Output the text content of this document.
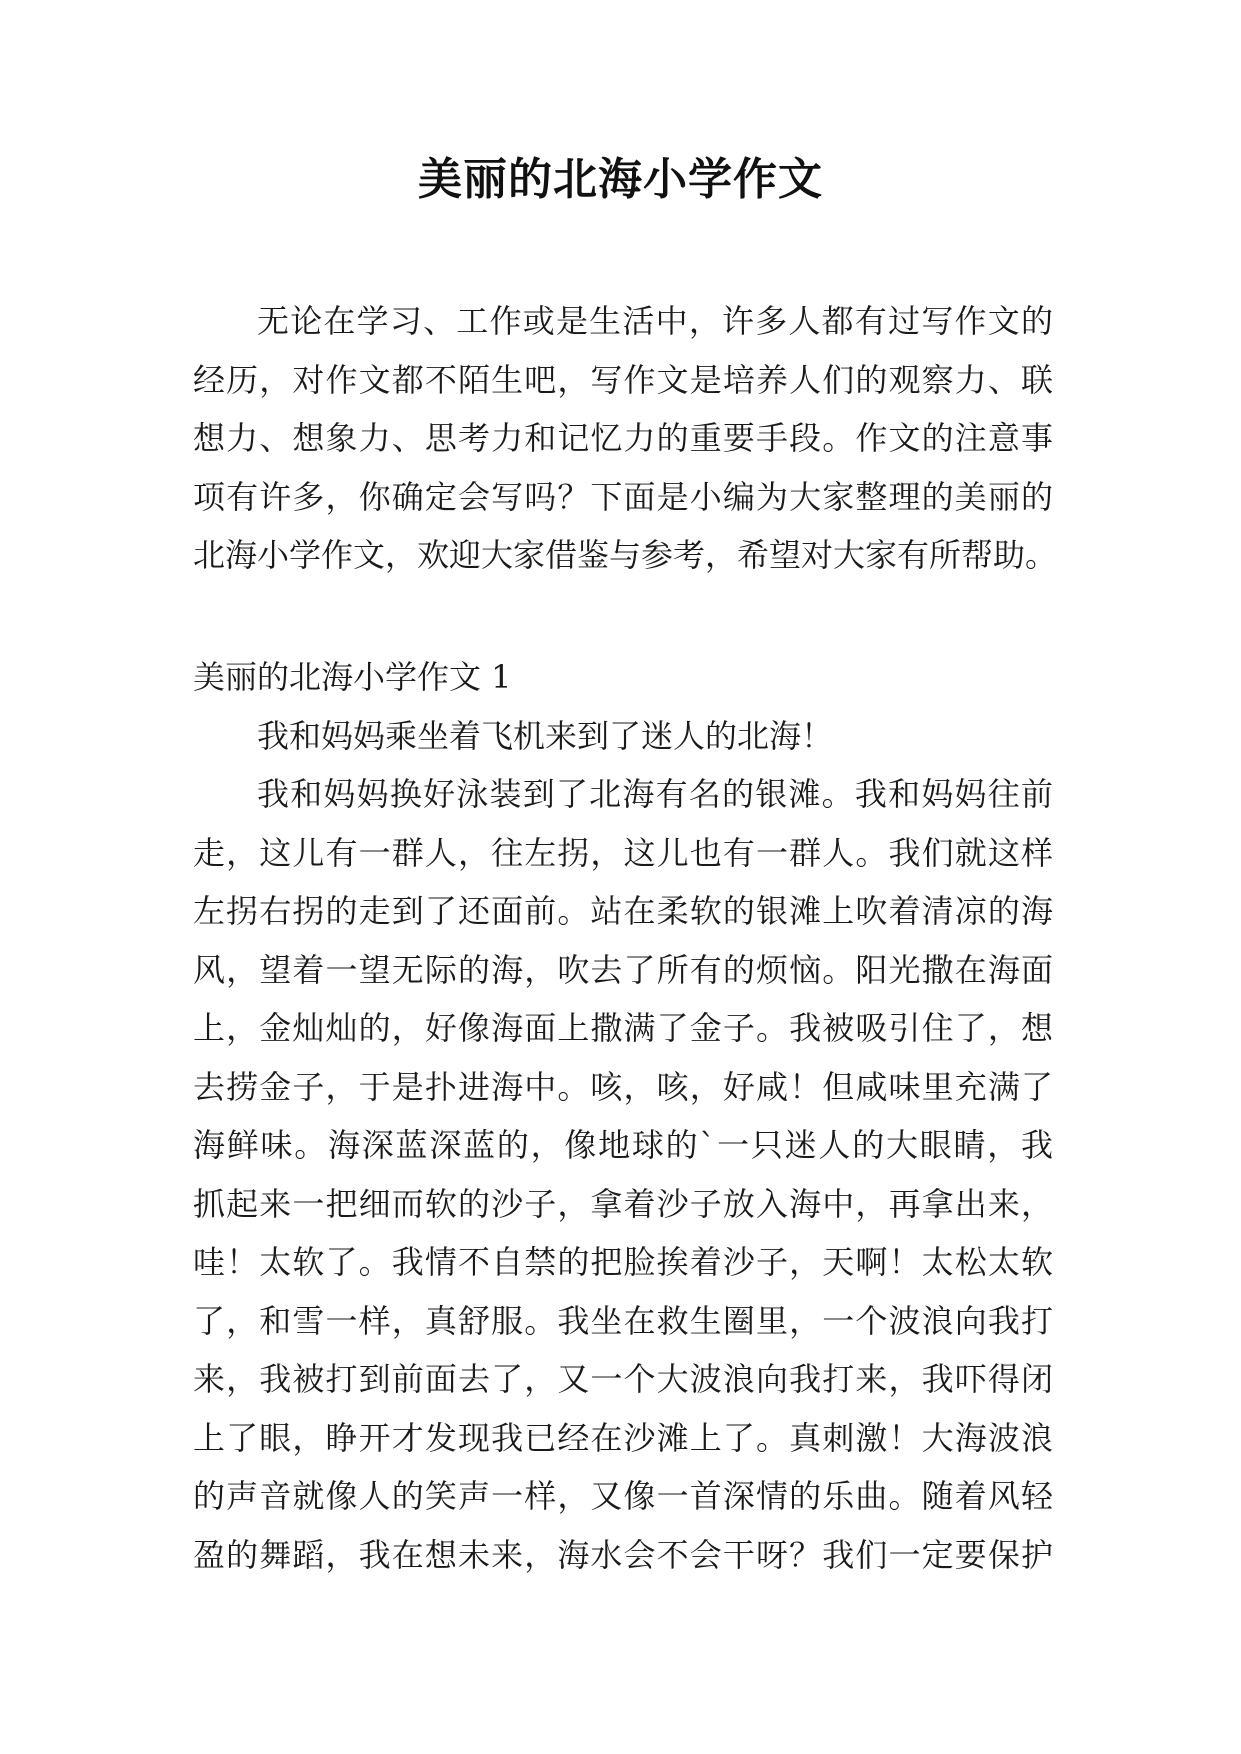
美丽的北海小学作文
无论在学习、工作或是生活中，许多人都有过写作文的
经历，对作文都不陌生吧，写作文是培养人们的观察力、联
想力、想象力、思考力和记忆力的重要手段。作文的注意事
项有许多，你确定会写吗？下面是小编为大家整理的美丽的
北海小学作文，欢迎大家借鉴与参考，希望对大家有所帮助。
美丽的北海小学作文 1
我和妈妈乘坐着飞机来到了迷人的北海！
我和妈妈换好泳装到了北海有名的银滩。我和妈妈往前
走，这儿有一群人，往左拐，这儿也有一群人。我们就这样
左拐右拐的走到了还面前。站在柔软的银滩上吹着清凉的海
风，望着一望无际的海，吹去了所有的烦恼。阳光撒在海面
上，金灿灿的，好像海面上撒满了金子。我被吸引住了，想
去捞金子，于是扑进海中。咳，咳，好咸！但咸味里充满了
海鲜味。海深蓝深蓝的，像地球的`一只迷人的大眼睛，我
抓起来一把细而软的沙子，拿着沙子放入海中，再拿出来，
哇！太软了。我情不自禁的把脸挨着沙子，天啊！太松太软
了，和雪一样，真舒服。我坐在救生圈里，一个波浪向我打
来，我被打到前面去了，又一个大波浪向我打来，我吓得闭
上了眼，睁开才发现我已经在沙滩上了。真刺激！大海波浪
的声音就像人的笑声一样，又像一首深情的乐曲。随着风轻
盈的舞蹈，我在想未来，海水会不会干呀？我们一定要保护
